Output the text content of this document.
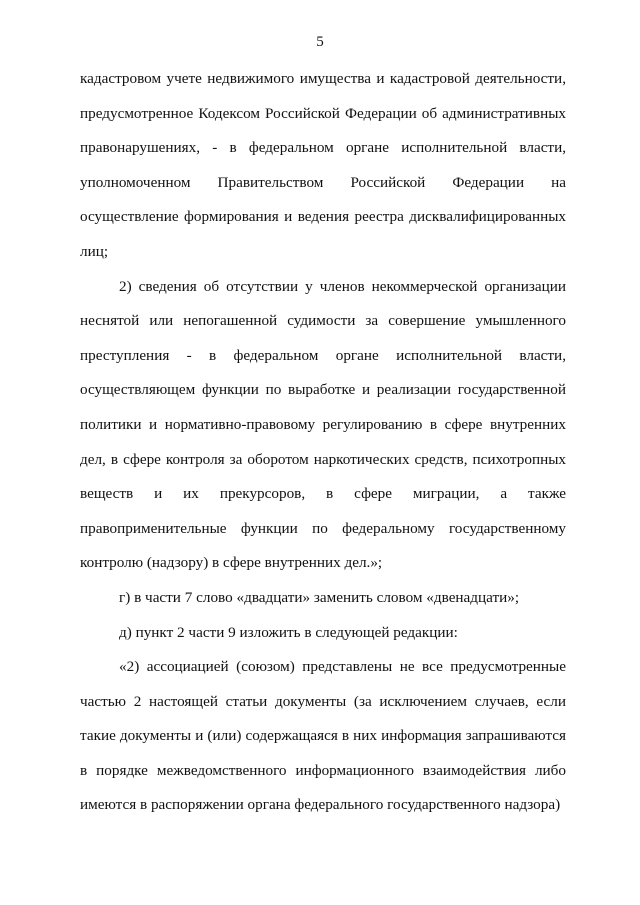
5
кадастровом учете недвижимого имущества и кадастровой деятельности,
предусмотренное Кодексом Российской Федерации об административных
правонарушениях, - в федеральном органе исполнительной власти,
уполномоченном Правительством Российской Федерации на
осуществление формирования и ведения реестра дисквалифицированных
лиц;
2) сведения об отсутствии у членов некоммерческой организации
неснятой или непогашенной судимости за совершение умышленного
преступления - в федеральном органе исполнительной власти,
осуществляющем функции по выработке и реализации государственной
политики и нормативно-правовому регулированию в сфере внутренних
дел, в сфере контроля за оборотом наркотических средств, психотропных
веществ и их прекурсоров, в сфере миграции, а также
правоприменительные функции по федеральному государственному
контролю (надзору) в сфере внутренних дел.»;
г) в части 7 слово «двадцати» заменить словом «двенадцати»;
д) пункт 2 части 9 изложить в следующей редакции:
«2) ассоциацией (союзом) представлены не все предусмотренные
частью 2 настоящей статьи документы (за исключением случаев, если
такие документы и (или) содержащаяся в них информация запрашиваются
в порядке межведомственного информационного взаимодействия либо
имеются в распоряжении органа федерального государственного надзора)
